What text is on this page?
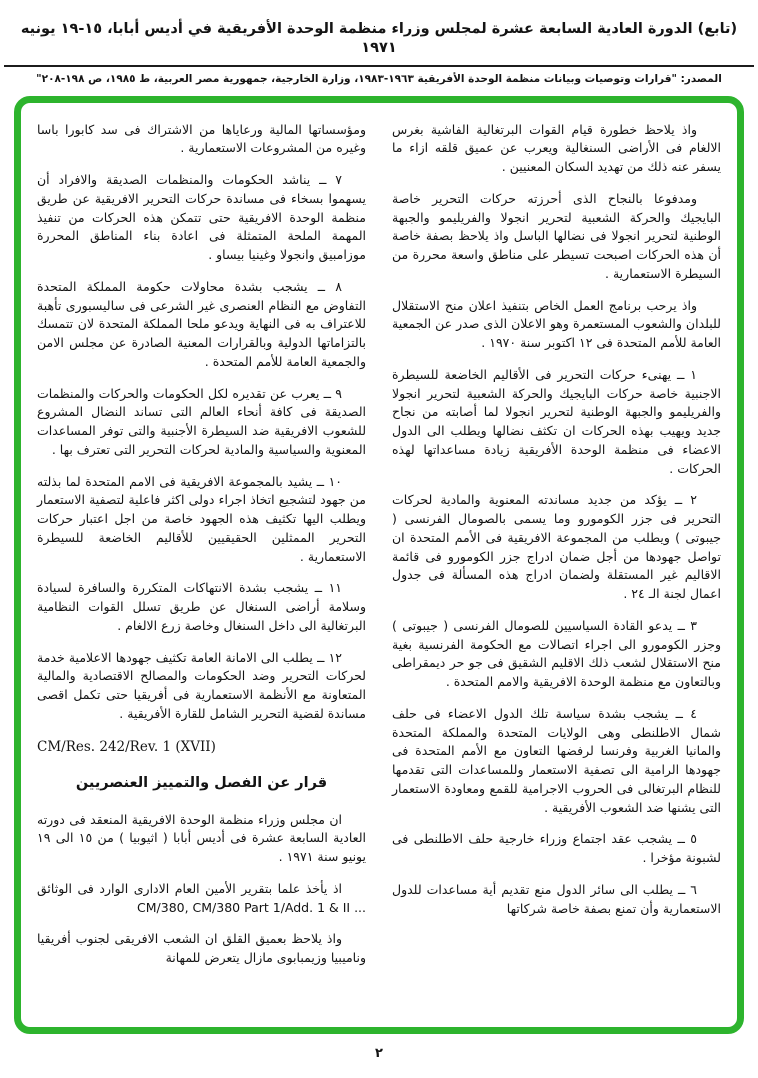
(تابع) الدورة العادية السابعة عشرة لمجلس وزراء منظمة الوحدة الأفريقية في أديس أبابا، ١٥-١٩ يونيه ١٩٧١
المصدر: "قرارات وتوصيات وبيانات منظمة الوحدة الأفريقية ١٩٦٣-١٩٨٣، وزارة الخارجية، جمهورية مصر العربية، ط ١٩٨٥، ص ١٩٨-٢٠٨"

واذ يلاحظ خطورة قيام القوات البرتغالية الفاشية بغرس الالغام فى الأراضى السنغالية ويعرب عن عميق قلقه ازاء ما يسفر عنه ذلك من تهديد السكان المعنيين .

ومدفوعا بالنجاح الذى أحرزته حركات التحرير خاصة البايجيك والحركة الشعبية لتحرير انجولا والفريليمو والجبهة الوطنية لتحرير انجولا فى نضالها الباسل واذ يلاحظ بصفة خاصة أن هذه الحركات اصبحت تسيطر على مناطق واسعة محررة من السيطرة الاستعمارية .

واذ يرحب برنامج العمل الخاص بتنفيذ اعلان منح الاستقلال للبلدان والشعوب المستعمرة وهو الاعلان الذى صدر عن الجمعية العامة للأمم المتحدة فى ١٢ اكتوبر سنة ١٩٧٠ .

١ ــ يهنىء حركات التحرير فى الأقاليم الخاضعة للسيطرة الاجنبية خاصة حركات البايجيك والحركة الشعبية لتحرير انجولا والفريليمو والجبهة الوطنية لتحرير انجولا لما أصابته من نجاح جديد ويهيب بهذه الحركات ان تكثف نضالها ويطلب الى الدول الاعضاء فى منظمة الوحدة الأفريقية زيادة مساعداتها لهذه الحركات .

٢ ــ يؤكد من جديد مساندته المعنوية والمادية لحركات التحرير فى جزر الكومورو وما يسمى بالصومال الفرنسى ( جيبوتى ) ويطلب من المجموعة الافريقية فى الأمم المتحدة ان تواصل جهودها من أجل ضمان ادراج جزر الكومورو فى قائمة الاقاليم غير المستقلة ولضمان ادراج هذه المسألة فى جدول اعمال لجنة الـ ٢٤ .

٣ ــ يدعو القادة السياسيين للصومال الفرنسى ( جيبوتى ) وجزر الكومورو الى اجراء اتصالات مع الحكومة الفرنسية بغية منح الاستقلال لشعب ذلك الاقليم الشقيق فى جو حر ديمقراطى وبالتعاون مع منظمة الوحدة الافريقية والامم المتحدة .

٤ ــ يشجب بشدة سياسة تلك الدول الاعضاء فى حلف شمال الاطلنطى وهى الولايات المتحدة والمملكة المتحدة والمانيا الغربية وفرنسا لرفضها التعاون مع الأمم المتحدة فى جهودها الرامية الى تصفية الاستعمار وللمساعدات التى تقدمها للنظام البرتغالى فى الحروب الاجرامية للقمع ومعاودة الاستعمار التى يشنها ضد الشعوب الأفريقية .

٥ ــ يشجب عقد اجتماع وزراء خارجية حلف الاطلنطى فى لشبونة مؤخرا .

٦ ــ يطلب الى سائر الدول منع تقديم أية مساعدات للدول الاستعمارية وأن تمنع بصفة خاصة شركاتها

ومؤسساتها المالية ورعاياها من الاشتراك فى سد كابورا باسا وغيره من المشروعات الاستعمارية .

٧ ــ يناشد الحكومات والمنظمات الصديقة والافراد أن يسهموا بسخاء فى مساندة حركات التحرير الافريقية عن طريق منظمة الوحدة الافريقية حتى تتمكن هذه الحركات من تنفيذ المهمة الملحة المتمثلة فى اعادة بناء المناطق المحررة موزامبيق وانجولا وغينيا بيساو .

٨ ــ يشجب بشدة محاولات حكومة المملكة المتحدة التفاوض مع النظام العنصرى غير الشرعى فى ساليسبورى تأهبة للاعتراف به فى النهاية ويدعو ملحا المملكة المتحدة لان تتمسك بالتزاماتها الدولية وبالقرارات المعنية الصادرة عن مجلس الامن والجمعية العامة للأمم المتحدة .

٩ ــ يعرب عن تقديره لكل الحكومات والحركات والمنظمات الصديقة فى كافة أنحاء العالم التى تساند النضال المشروع للشعوب الافريقية ضد السيطرة الأجنبية والتى توفر المساعدات المعنوية والسياسية والمادية لحركات التحرير التى تعترف بها .

١٠ ــ يشيد بالمجموعة الافريقية فى الامم المتحدة لما بذلته من جهود لتشجيع اتخاذ اجراء دولى اكثر فاعلية لتصفية الاستعمار ويطلب اليها تكثيف هذه الجهود خاصة من اجل اعتبار حركات التحرير الممثلين الحقيقيين للأقاليم الخاضعة للسيطرة الاستعمارية .

١١ ــ يشجب بشدة الانتهاكات المتكررة والسافرة لسيادة وسلامة أراضى السنغال عن طريق تسلل القوات النظامية البرتغالية الى داخل السنغال وخاصة زرع الالغام .

١٢ ــ يطلب الى الامانة العامة تكثيف جهودها الاعلامية خدمة لحركات التحرير وضد الحكومات والمصالح الاقتصادية والمالية المتعاونة مع الأنظمة الاستعمارية فى أفريقيا حتى تكمل اقصى مساندة لقضية التحرير الشامل للقارة الأفريقية .

CM/Res. 242/Rev. 1 (XVII)

قرار عن الفصل والتمييز العنصريين

ان مجلس وزراء منظمة الوحدة الافريقية المنعقد فى دورته العادية السابعة عشرة فى أديس أبابا ( اثيوبيا ) من ١٥ الى ١٩ يونيو سنة ١٩٧١ .

اذ يأخذ علما بتقرير الأمين العام الادارى الوارد فى الوثائق ... CM/380, CM/380 Part 1/Add. 1 & II

واذ يلاحظ بعميق القلق ان الشعب الافريقى لجنوب أفريقيا وناميبيا وزيمبابوى مازال يتعرض للمهانة

٢
